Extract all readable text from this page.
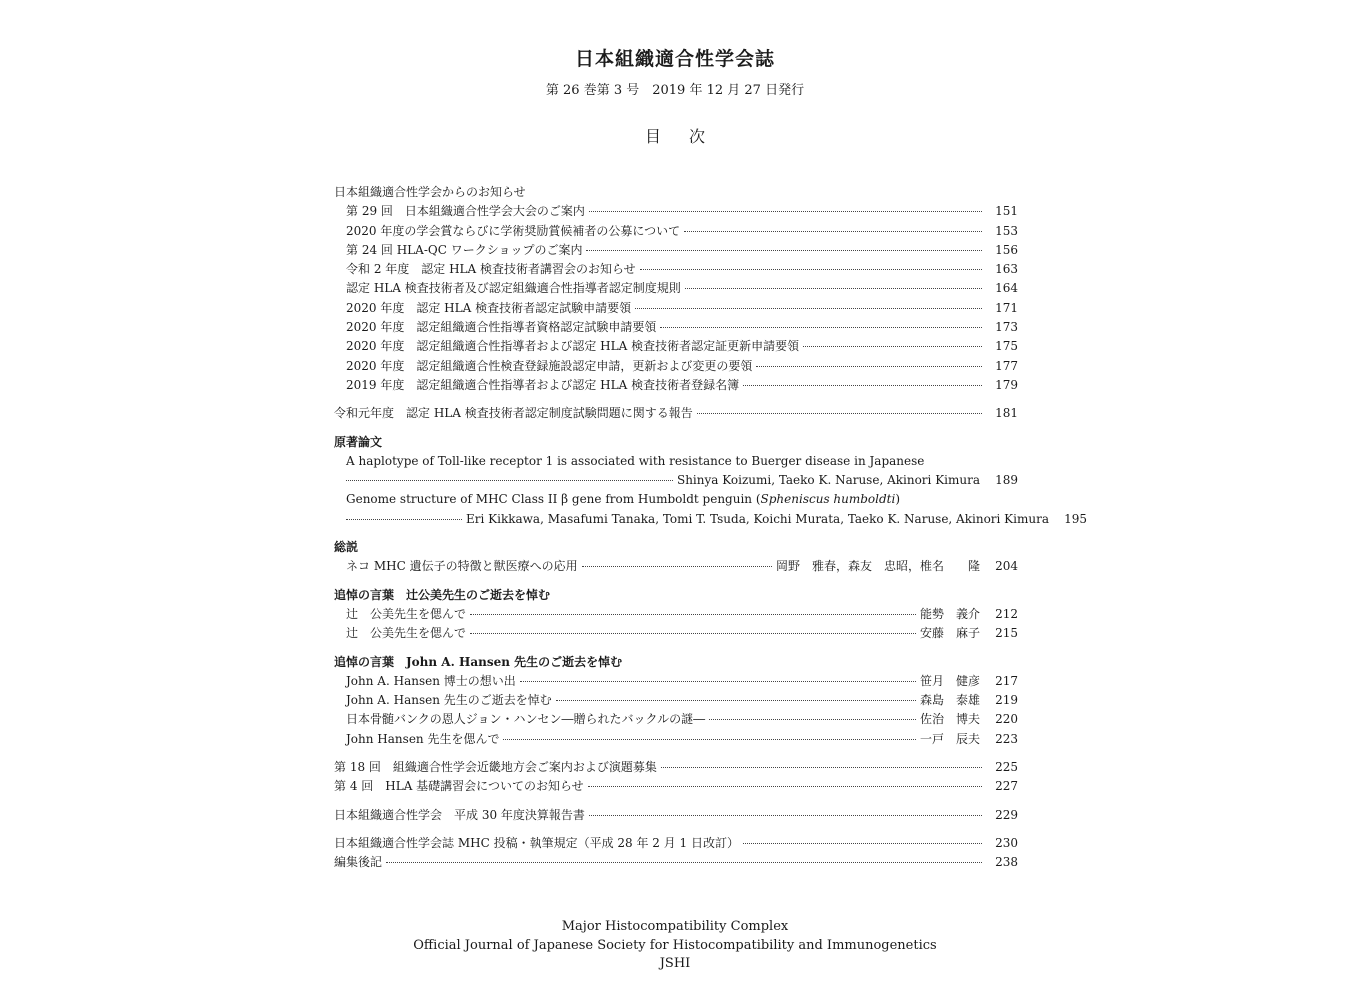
日本組織適合性学会誌
第 26 巻第 3 号　2019 年 12 月 27 日発行
目次
日本組織適合性学会からのお知らせ
第 29 回　日本組織適合性学会大会のご案内	151
2020 年度の学会賞ならびに学術奨励賞候補者の公募について	153
第 24 回 HLA-QC ワークショップのご案内	156
令和 2 年度　認定 HLA 検査技術者講習会のお知らせ	163
認定 HLA 検査技術者及び認定組織適合性指導者認定制度規則	164
2020 年度　認定 HLA 検査技術者認定試験申請要領	171
2020 年度　認定組織適合性指導者資格認定試験申請要領	173
2020 年度　認定組織適合性指導者および認定 HLA 検査技術者認定証更新申請要領	175
2020 年度　認定組織適合性検査登録施設認定申請，更新および変更の要領	177
2019 年度　認定組織適合性指導者および認定 HLA 検査技術者登録名簿	179
令和元年度　認定 HLA 検査技術者認定制度試験問題に関する報告	181
原著論文
A haplotype of Toll-like receptor 1 is associated with resistance to Buerger disease in Japanese
Shinya Koizumi, Taeko K. Naruse, Akinori Kimura	189
Genome structure of MHC Class II β gene from Humboldt penguin (Spheniscus humboldti)
Eri Kikkawa, Masafumi Tanaka, Tomi T. Tsuda, Koichi Murata, Taeko K. Naruse, Akinori Kimura	195
総説
ネコ MHC 遺伝子の特徴と獣医療への応用	岡野　雅春，森友　忠昭，椎名　　隆	204
追悼の言葉　辻公美先生のご逝去を悼む
辻　公美先生を偲んで	能勢　義介	212
辻　公美先生を偲んで	安藤　麻子	215
追悼の言葉　John A. Hansen 先生のご逝去を悼む
John A. Hansen 博士の想い出	笹月　健彦	217
John A. Hansen 先生のご逝去を悼む	森島　泰雄	219
日本骨髄バンクの恩人ジョン・ハンセン―贈られたバックルの謎―	佐治　博夫	220
John Hansen 先生を偲んで	一戸　辰夫	223
第 18 回　組織適合性学会近畿地方会ご案内および演題募集	225
第 4 回　HLA 基礎講習会についてのお知らせ	227
日本組織適合性学会　平成 30 年度決算報告書	229
日本組織適合性学会誌 MHC 投稿・執筆規定（平成 28 年 2 月 1 日改訂）	230
編集後記	238
Major Histocompatibility Complex
Official Journal of Japanese Society for Histocompatibility and Immunogenetics
JSHI
